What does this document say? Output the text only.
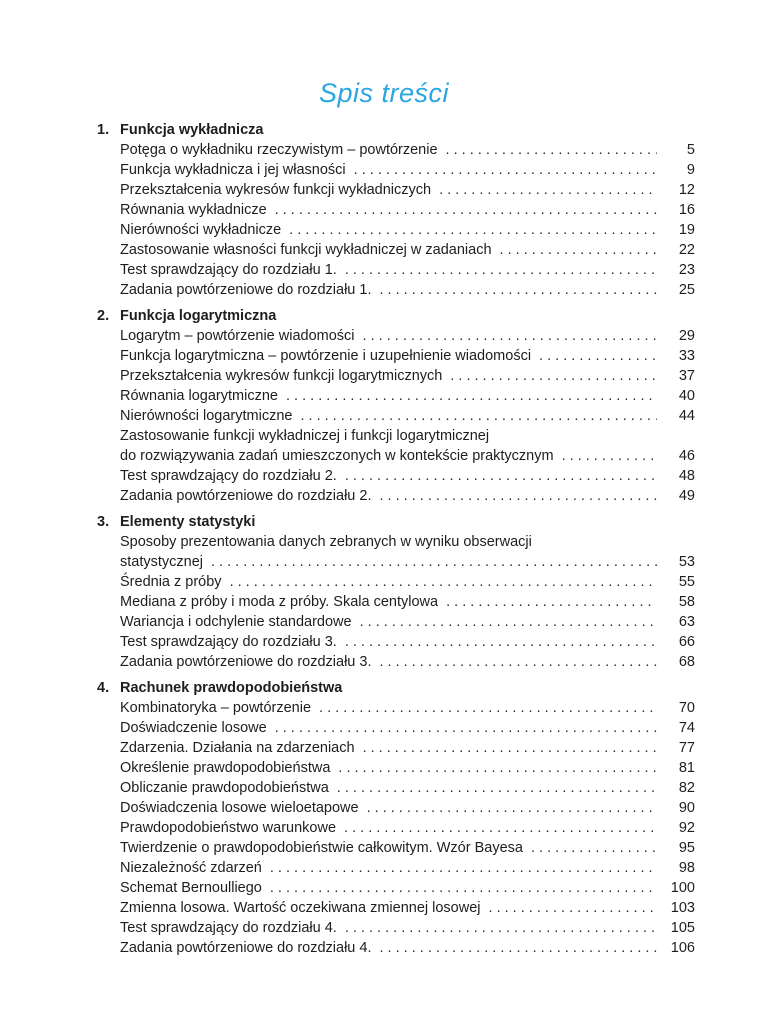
Spis treści
1. Funkcja wykładnicza
Potęga o wykładniku rzeczywistym – powtórzenie . . .	5
Funkcja wykładnicza i jej własności . . .	9
Przekształcenia wykresów funkcji wykładniczych . . .	12
Równania wykładnicze . . .	16
Nierówności wykładnicze . . .	19
Zastosowanie własności funkcji wykładniczej w zadaniach . . .	22
Test sprawdzający do rozdziału 1. . . .	23
Zadania powtórzeniowe do rozdziału 1. . . .	25
2. Funkcja logarytmiczna
Logarytm – powtórzenie wiadomości . . .	29
Funkcja logarytmiczna – powtórzenie i uzupełnienie wiadomości . . .	33
Przekształcenia wykresów funkcji logarytmicznych . . .	37
Równania logarytmiczne . . .	40
Nierówności logarytmiczne . . .	44
Zastosowanie funkcji wykładniczej i funkcji logarytmicznej
do rozwiązywania zadań umieszczonych w kontekście praktycznym . . .	46
Test sprawdzający do rozdziału 2. . . .	48
Zadania powtórzeniowe do rozdziału 2. . . .	49
3. Elementy statystyki
Sposoby prezentowania danych zebranych w wyniku obserwacji
statystycznej . . .	53
Średnia z próby . . .	55
Mediana z próby i moda z próby. Skala centylowa . . .	58
Wariancja i odchylenie standardowe . . .	63
Test sprawdzający do rozdziału 3. . . .	66
Zadania powtórzeniowe do rozdziału 3. . . .	68
4. Rachunek prawdopodobieństwa
Kombinatoryka – powtórzenie . . .	70
Doświadczenie losowe . . .	74
Zdarzenia. Działania na zdarzeniach . . .	77
Określenie prawdopodobieństwa . . .	81
Obliczanie prawdopodobieństwa . . .	82
Doświadczenia losowe wieloetapowe . . .	90
Prawdopodobieństwo warunkowe . . .	92
Twierdzenie o prawdopodobieństwie całkowitym. Wzór Bayesa . . .	95
Niezależność zdarzeń . . .	98
Schemat Bernoulliego . . .	100
Zmienna losowa. Wartość oczekiwana zmiennej losowej . . .	103
Test sprawdzający do rozdziału 4. . . .	105
Zadania powtórzeniowe do rozdziału 4. . . .	106
